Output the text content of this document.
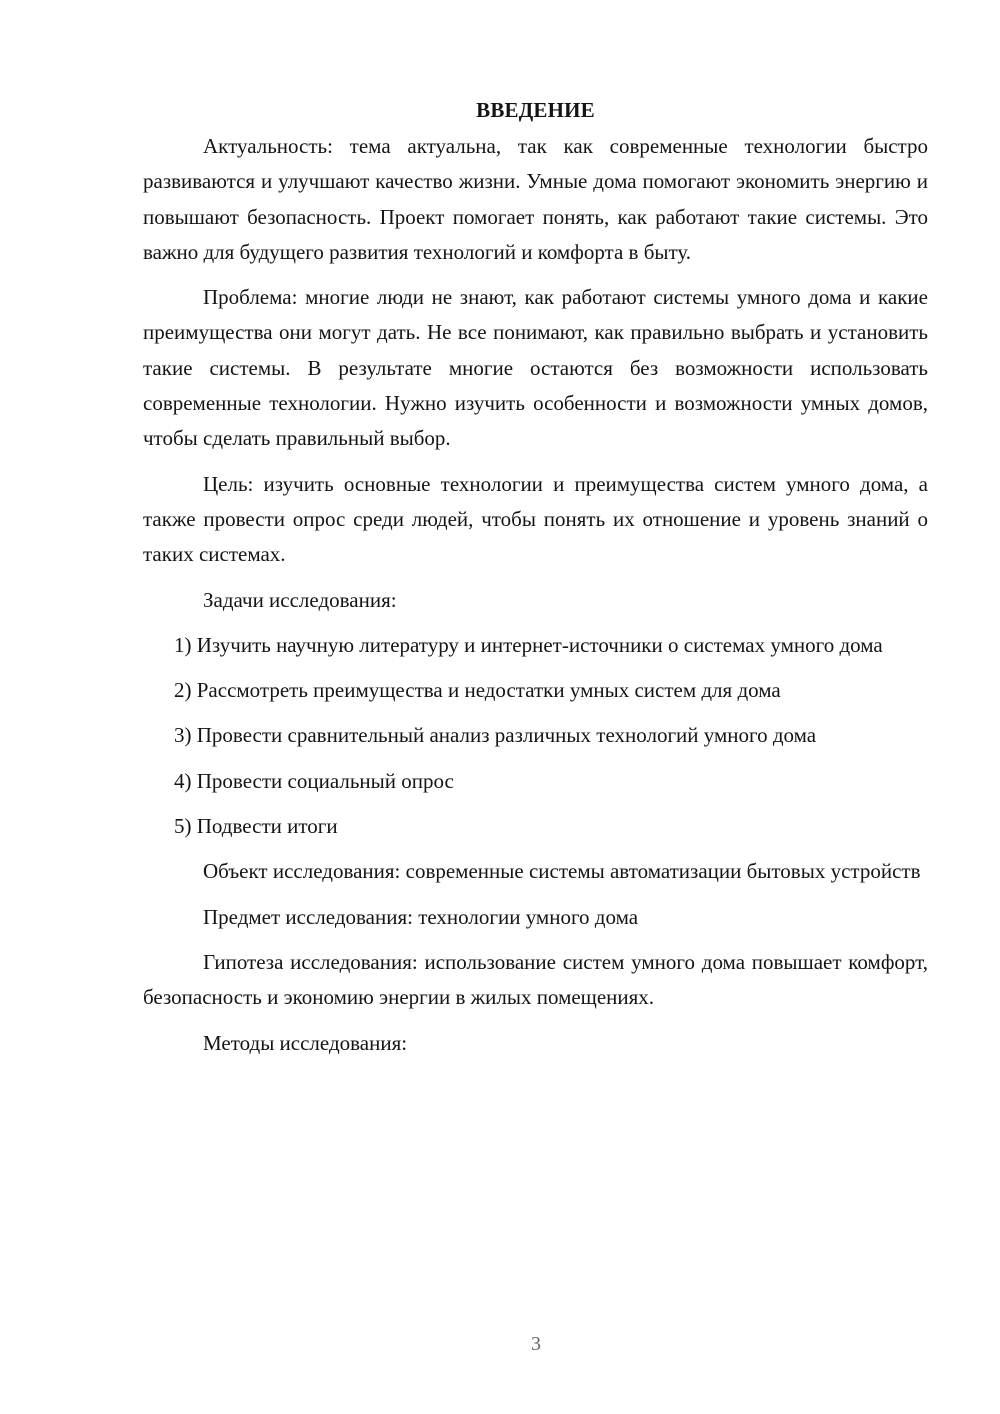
ВВЕДЕНИЕ

Актуальность: тема актуальна, так как современные технологии быстро развиваются и улучшают качество жизни. Умные дома помогают экономить энергию и повышают безопасность. Проект помогает понять, как работают такие системы. Это важно для будущего развития технологий и комфорта в быту.

Проблема: многие люди не знают, как работают системы умного дома и какие преимущества они могут дать. Не все понимают, как правильно выбрать и установить такие системы. В результате многие остаются без возможности использовать современные технологии. Нужно изучить особенности и возможности умных домов, чтобы сделать правильный выбор.

Цель: изучить основные технологии и преимущества систем умного дома, а также провести опрос среди людей, чтобы понять их отношение и уровень знаний о таких системах.

Задачи исследования:

1) Изучить научную литературу и интернет-источники о системах умного дома

2) Рассмотреть преимущества и недостатки умных систем для дома

3) Провести сравнительный анализ различных технологий умного дома

4) Провести социальный опрос

5) Подвести итоги

Объект исследования: современные системы автоматизации бытовых устройств

Предмет исследования: технологии умного дома

Гипотеза исследования: использование систем умного дома повышает комфорт, безопасность и экономию энергии в жилых помещениях.

Методы исследования:

3
